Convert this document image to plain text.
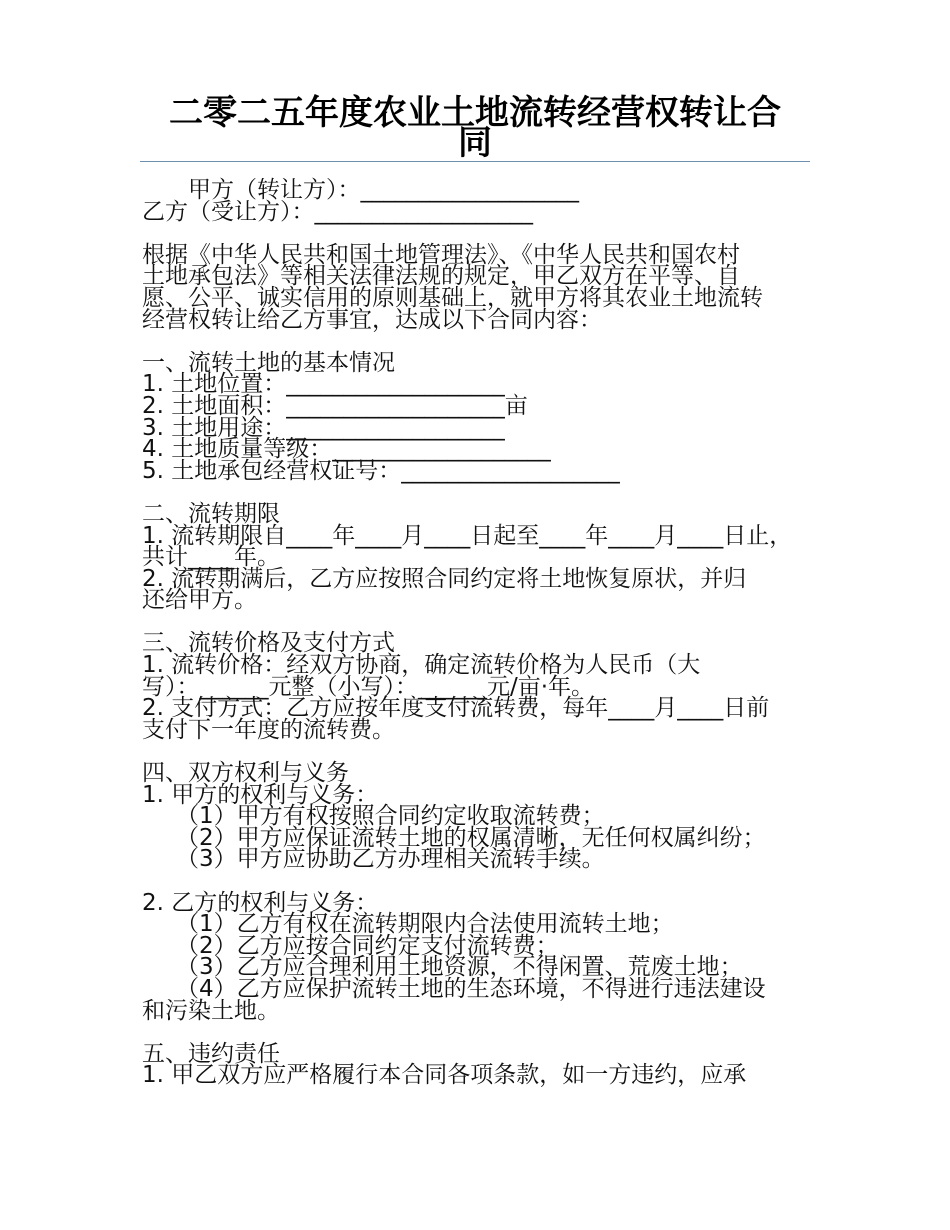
二零二五年度农业土地流转经营权转让合
同

甲方（转让方）：___________________

乙方（受让方）：___________________

根据《中华人民共和国土地管理法》、《中华人民共和国农村

土地承包法》等相关法律法规的规定，甲乙双方在平等、自

愿、公平、诚实信用的原则基础上，就甲方将其农业土地流转

经营权转让给乙方事宜，达成以下合同内容：

一、流转土地的基本情况

1. 土地位置：___________________

2. 土地面积：___________________亩

3. 土地用途：___________________

4. 土地质量等级：___________________

5. 土地承包经营权证号：___________________

二、流转期限

1. 流转期限自____年____月____日起至____年____月____日止，

共计____年。

2. 流转期满后，乙方应按照合同约定将土地恢复原状，并归

还给甲方。

三、流转价格及支付方式

1. 流转价格：经双方协商，确定流转价格为人民币（大

写）：______元整（小写）：______元/亩·年。

2. 支付方式：乙方应按年度支付流转费，每年____月____日前

支付下一年度的流转费。

四、双方权利与义务

1. 甲方的权利与义务：

（1）甲方有权按照合同约定收取流转费；

（2）甲方应保证流转土地的权属清晰，无任何权属纠纷；

（3）甲方应协助乙方办理相关流转手续。

2. 乙方的权利与义务：

（1）乙方有权在流转期限内合法使用流转土地；

（2）乙方应按合同约定支付流转费；

（3）乙方应合理利用土地资源，不得闲置、荒废土地；

（4）乙方应保护流转土地的生态环境，不得进行违法建设

和污染土地。

五、违约责任

1. 甲乙双方应严格履行本合同各项条款，如一方违约，应承
